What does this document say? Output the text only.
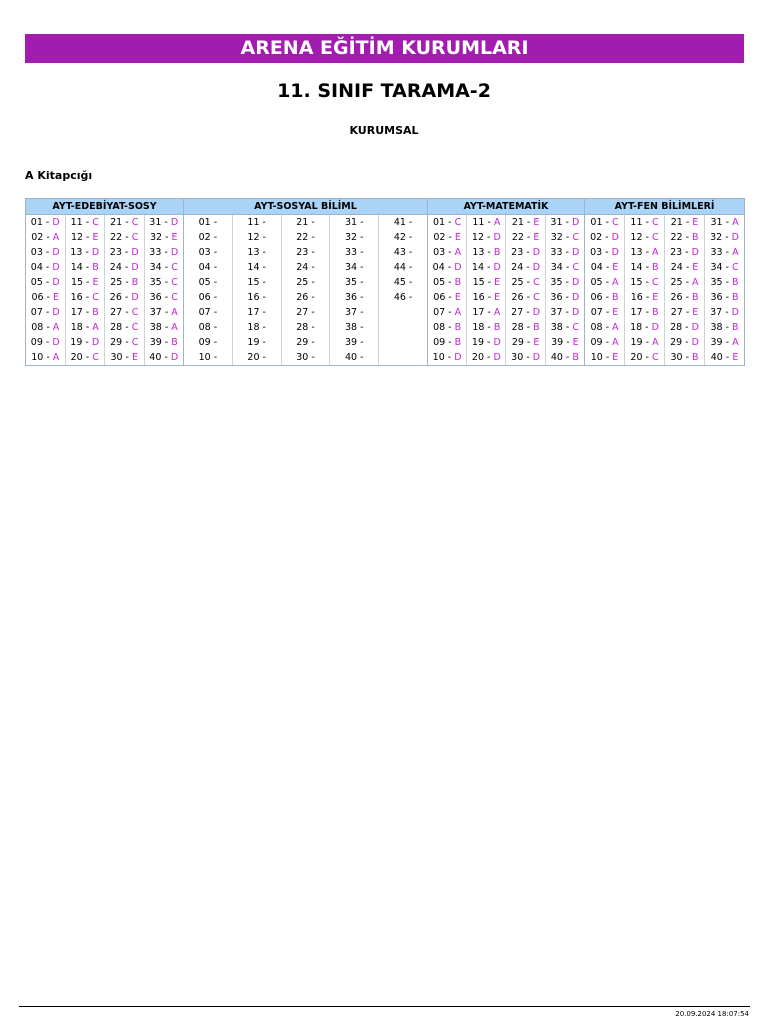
ARENA EĞİTİM KURUMLARI
11. SINIF TARAMA-2
KURUMSAL
A Kitapcığı
AYT-EDEBİYAT-SOSY				AYT-SOSYAL BİLİML					AYT-MATEMATİK				AYT-FEN BİLİMLERİ			
01 - D	11 - C	21 - C	31 - D	01 -	11 -	21 -	31 -	41 -	01 - C	11 - A	21 - E	31 - D	01 - C	11 - C	21 - E	31 - A
02 - A	12 - E	22 - C	32 - E	02 -	12 -	22 -	32 -	42 -	02 - E	12 - D	22 - E	32 - C	02 - D	12 - C	22 - B	32 - D
03 - D	13 - D	23 - D	33 - D	03 -	13 -	23 -	33 -	43 -	03 - A	13 - B	23 - D	33 - D	03 - D	13 - A	23 - D	33 - A
04 - D	14 - B	24 - D	34 - C	04 -	14 -	24 -	34 -	44 -	04 - D	14 - D	24 - D	34 - C	04 - E	14 - B	24 - E	34 - C
05 - D	15 - E	25 - B	35 - C	05 -	15 -	25 -	35 -	45 -	05 - B	15 - E	25 - C	35 - D	05 - A	15 - C	25 - A	35 - B
06 - E	16 - C	26 - D	36 - C	06 -	16 -	26 -	36 -	46 -	06 - E	16 - E	26 - C	36 - D	06 - B	16 - E	26 - B	36 - B
07 - D	17 - B	27 - C	37 - A	07 -	17 -	27 -	37 -		07 - A	17 - A	27 - D	37 - D	07 - E	17 - B	27 - E	37 - D
08 - A	18 - A	28 - C	38 - A	08 -	18 -	28 -	38 -		08 - B	18 - B	28 - B	38 - C	08 - A	18 - D	28 - D	38 - B
09 - D	19 - D	29 - C	39 - B	09 -	19 -	29 -	39 -		09 - B	19 - D	29 - E	39 - E	09 - A	19 - A	29 - D	39 - A
10 - A	20 - C	30 - E	40 - D	10 -	20 -	30 -	40 -		10 - D	20 - D	30 - D	40 - B	10 - E	20 - C	30 - B	40 - E
20.09.2024 18:07:54
